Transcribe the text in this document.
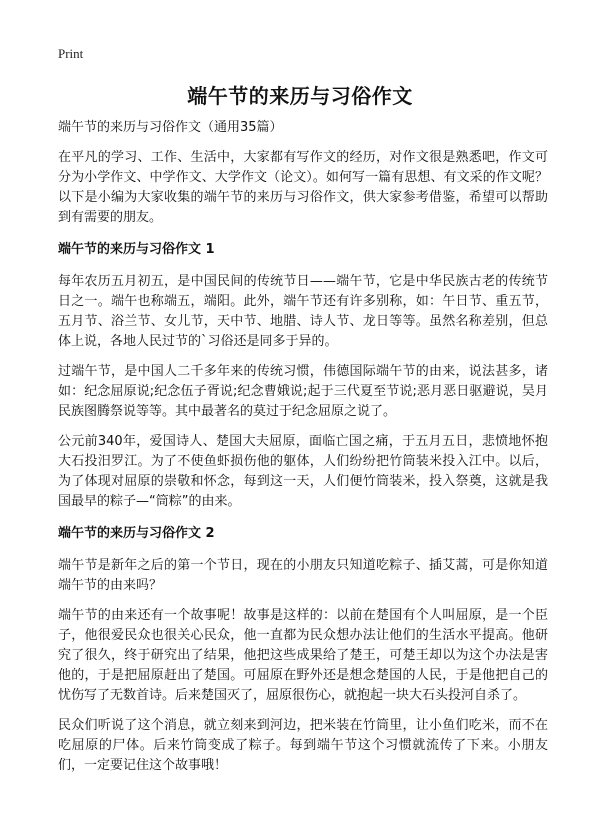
Print
端午节的来历与习俗作文

端午节的来历与习俗作文（通用35篇）

在平凡的学习、工作、生活中，大家都有写作文的经历，对作文很是熟悉吧，作文可分为小学作文、中学作文、大学作文（论文）。如何写一篇有思想、有文采的作文呢？以下是小编为大家收集的端午节的来历与习俗作文，供大家参考借鉴，希望可以帮助到有需要的朋友。

端午节的来历与习俗作文 1

每年农历五月初五，是中国民间的传统节日——端午节，它是中华民族古老的传统节日之一。端午也称端五，端阳。此外，端午节还有许多别称，如：午日节、重五节，五月节、浴兰节、女儿节，天中节、地腊、诗人节、龙日等等。虽然名称差别，但总体上说，各地人民过节的`习俗还是同多于异的。

过端午节，是中国人二千多年来的传统习惯，伟德国际端午节的由来，说法甚多，诸如：纪念屈原说;纪念伍子胥说;纪念曹娥说;起于三代夏至节说;恶月恶日驱避说，吴月民族图腾祭说等等。其中最著名的莫过于纪念屈原之说了。

公元前340年，爱国诗人、楚国大夫屈原，面临亡国之痛，于五月五日，悲愤地怀抱大石投汨罗江。为了不使鱼虾损伤他的躯体，人们纷纷把竹筒装米投入江中。以后，为了体现对屈原的崇敬和怀念，每到这一天，人们便竹筒装米，投入祭奠，这就是我国最早的粽子—“筒粽”的由来。

端午节的来历与习俗作文 2

端午节是新年之后的第一个节日，现在的小朋友只知道吃粽子、插艾蒿，可是你知道端午节的由来吗？

端午节的由来还有一个故事呢！故事是这样的：以前在楚国有个人叫屈原，是一个臣子，他很爱民众也很关心民众，他一直都为民众想办法让他们的生活水平提高。他研究了很久，终于研究出了结果，他把这些成果给了楚王，可楚王却以为这个办法是害他的，于是把屈原赶出了楚国。可屈原在野外还是想念楚国的人民，于是他把自己的忧伤写了无数首诗。后来楚国灭了，屈原很伤心，就抱起一块大石头投河自杀了。

民众们听说了这个消息，就立刻来到河边，把米装在竹筒里，让小鱼们吃米，而不在吃屈原的尸体。后来竹筒变成了粽子。每到端午节这个习惯就流传了下来。小朋友们，一定要记住这个故事哦！
